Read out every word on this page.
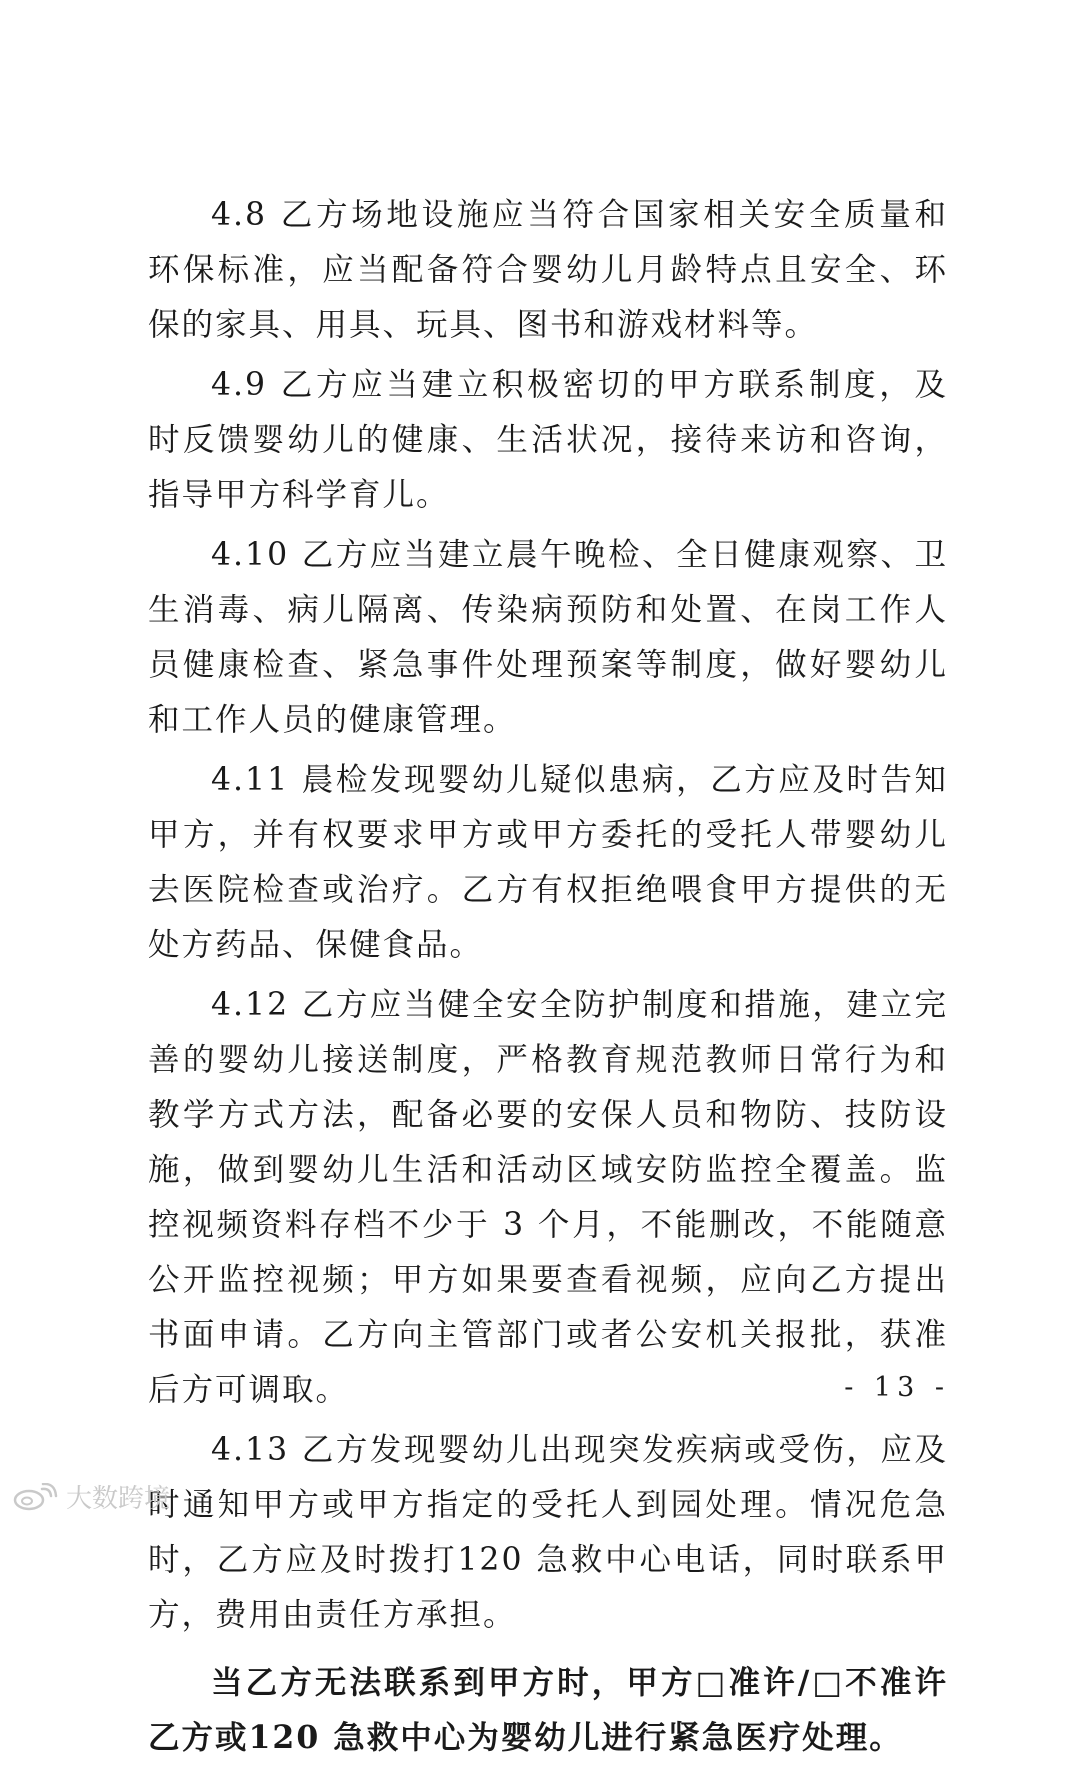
4.8 乙方场地设施应当符合国家相关安全质量和环保标准，应当配备符合婴幼儿月龄特点且安全、环保的家具、用具、玩具、图书和游戏材料等。

4.9 乙方应当建立积极密切的甲方联系制度，及时反馈婴幼儿的健康、生活状况，接待来访和咨询，指导甲方科学育儿。

4.10 乙方应当建立晨午晚检、全日健康观察、卫生消毒、病儿隔离、传染病预防和处置、在岗工作人员健康检查、紧急事件处理预案等制度，做好婴幼儿和工作人员的健康管理。

4.11 晨检发现婴幼儿疑似患病，乙方应及时告知甲方，并有权要求甲方或甲方委托的受托人带婴幼儿去医院检查或治疗。乙方有权拒绝喂食甲方提供的无处方药品、保健食品。

4.12 乙方应当健全安全防护制度和措施，建立完善的婴幼儿接送制度，严格教育规范教师日常行为和教学方式方法，配备必要的安保人员和物防、技防设施，做到婴幼儿生活和活动区域安防监控全覆盖。监控视频资料存档不少于 3 个月，不能删改，不能随意公开监控视频；甲方如果要查看视频，应向乙方提出书面申请。乙方向主管部门或者公安机关报批，获准后方可调取。

4.13 乙方发现婴幼儿出现突发疾病或受伤，应及时通知甲方或甲方指定的受托人到园处理。情况危急时，乙方应及时拨打120 急救中心电话，同时联系甲方，费用由责任方承担。

当乙方无法联系到甲方时，甲方□准许/□不准许乙方或120 急救中心为婴幼儿进行紧急医疗处理。

- 13 -
大数跨境
